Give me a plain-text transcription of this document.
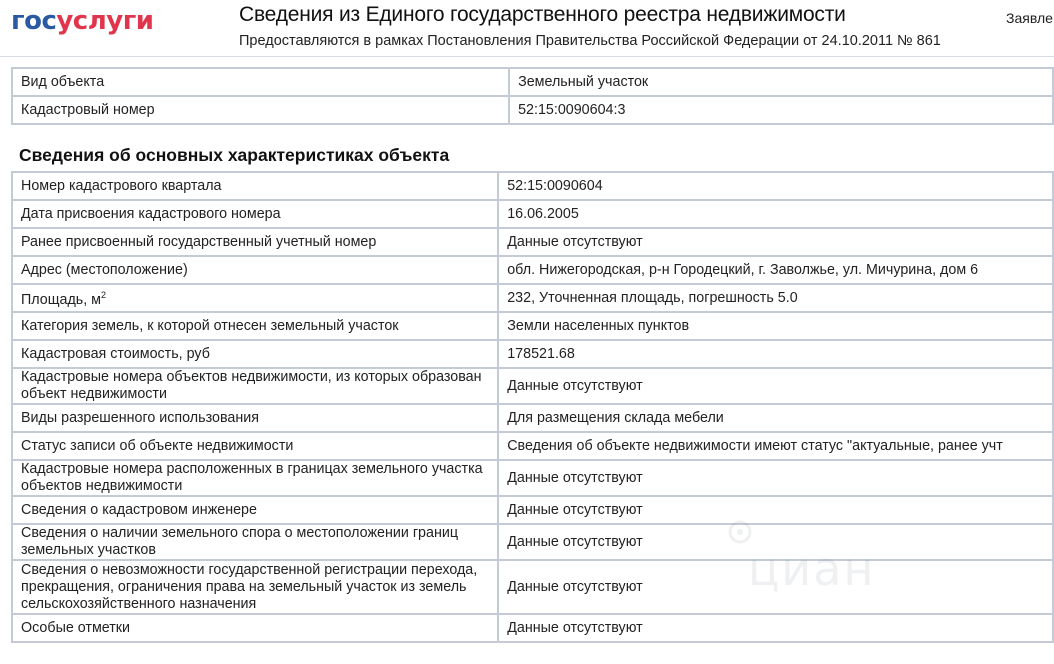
госуслуги	Сведения из Единого государственного реестра недвижимости
Предоставляются в рамках Постановления Правительства Российской Федерации от 24.10.2011 № 861
Заявле
Вид объекта	Земельный участок
Кадастровый номер	52:15:0090604:3
Сведения об основных характеристиках объекта
Номер кадастрового квартала	52:15:0090604
Дата присвоения кадастрового номера	16.06.2005
Ранее присвоенный государственный учетный номер	Данные отсутствуют
Адрес (местоположение)	обл. Нижегородская, р-н Городецкий, г. Заволжье, ул. Мичурина, дом 6
Площадь, $м^2$	232, Уточненная площадь, погрешность 5.0
Категория земель, к которой отнесен земельный участок	Земли населенных пунктов
Кадастровая стоимость, руб	178521.68
Кадастровые номера объектов недвижимости, из которых образован объект недвижимости	Данные отсутствуют
Виды разрешенного использования	Для размещения склада мебели
Статус записи об объекте недвижимости	Сведения об объекте недвижимости имеют статус "актуальные, ранее учт
Кадастровые номера расположенных в границах земельного участка объектов недвижимости	Данные отсутствуют
Сведения о кадастровом инженере	Данные отсутствуют
Сведения о наличии земельного спора о местоположении границ земельных участков	Данные отсутствуют
Сведения о невозможности государственной регистрации перехода, прекращения, ограничения права на земельный участок из земель сельскохозяйственного назначения	Данные отсутствуют
Особые отметки	Данные отсутствуют
циан
